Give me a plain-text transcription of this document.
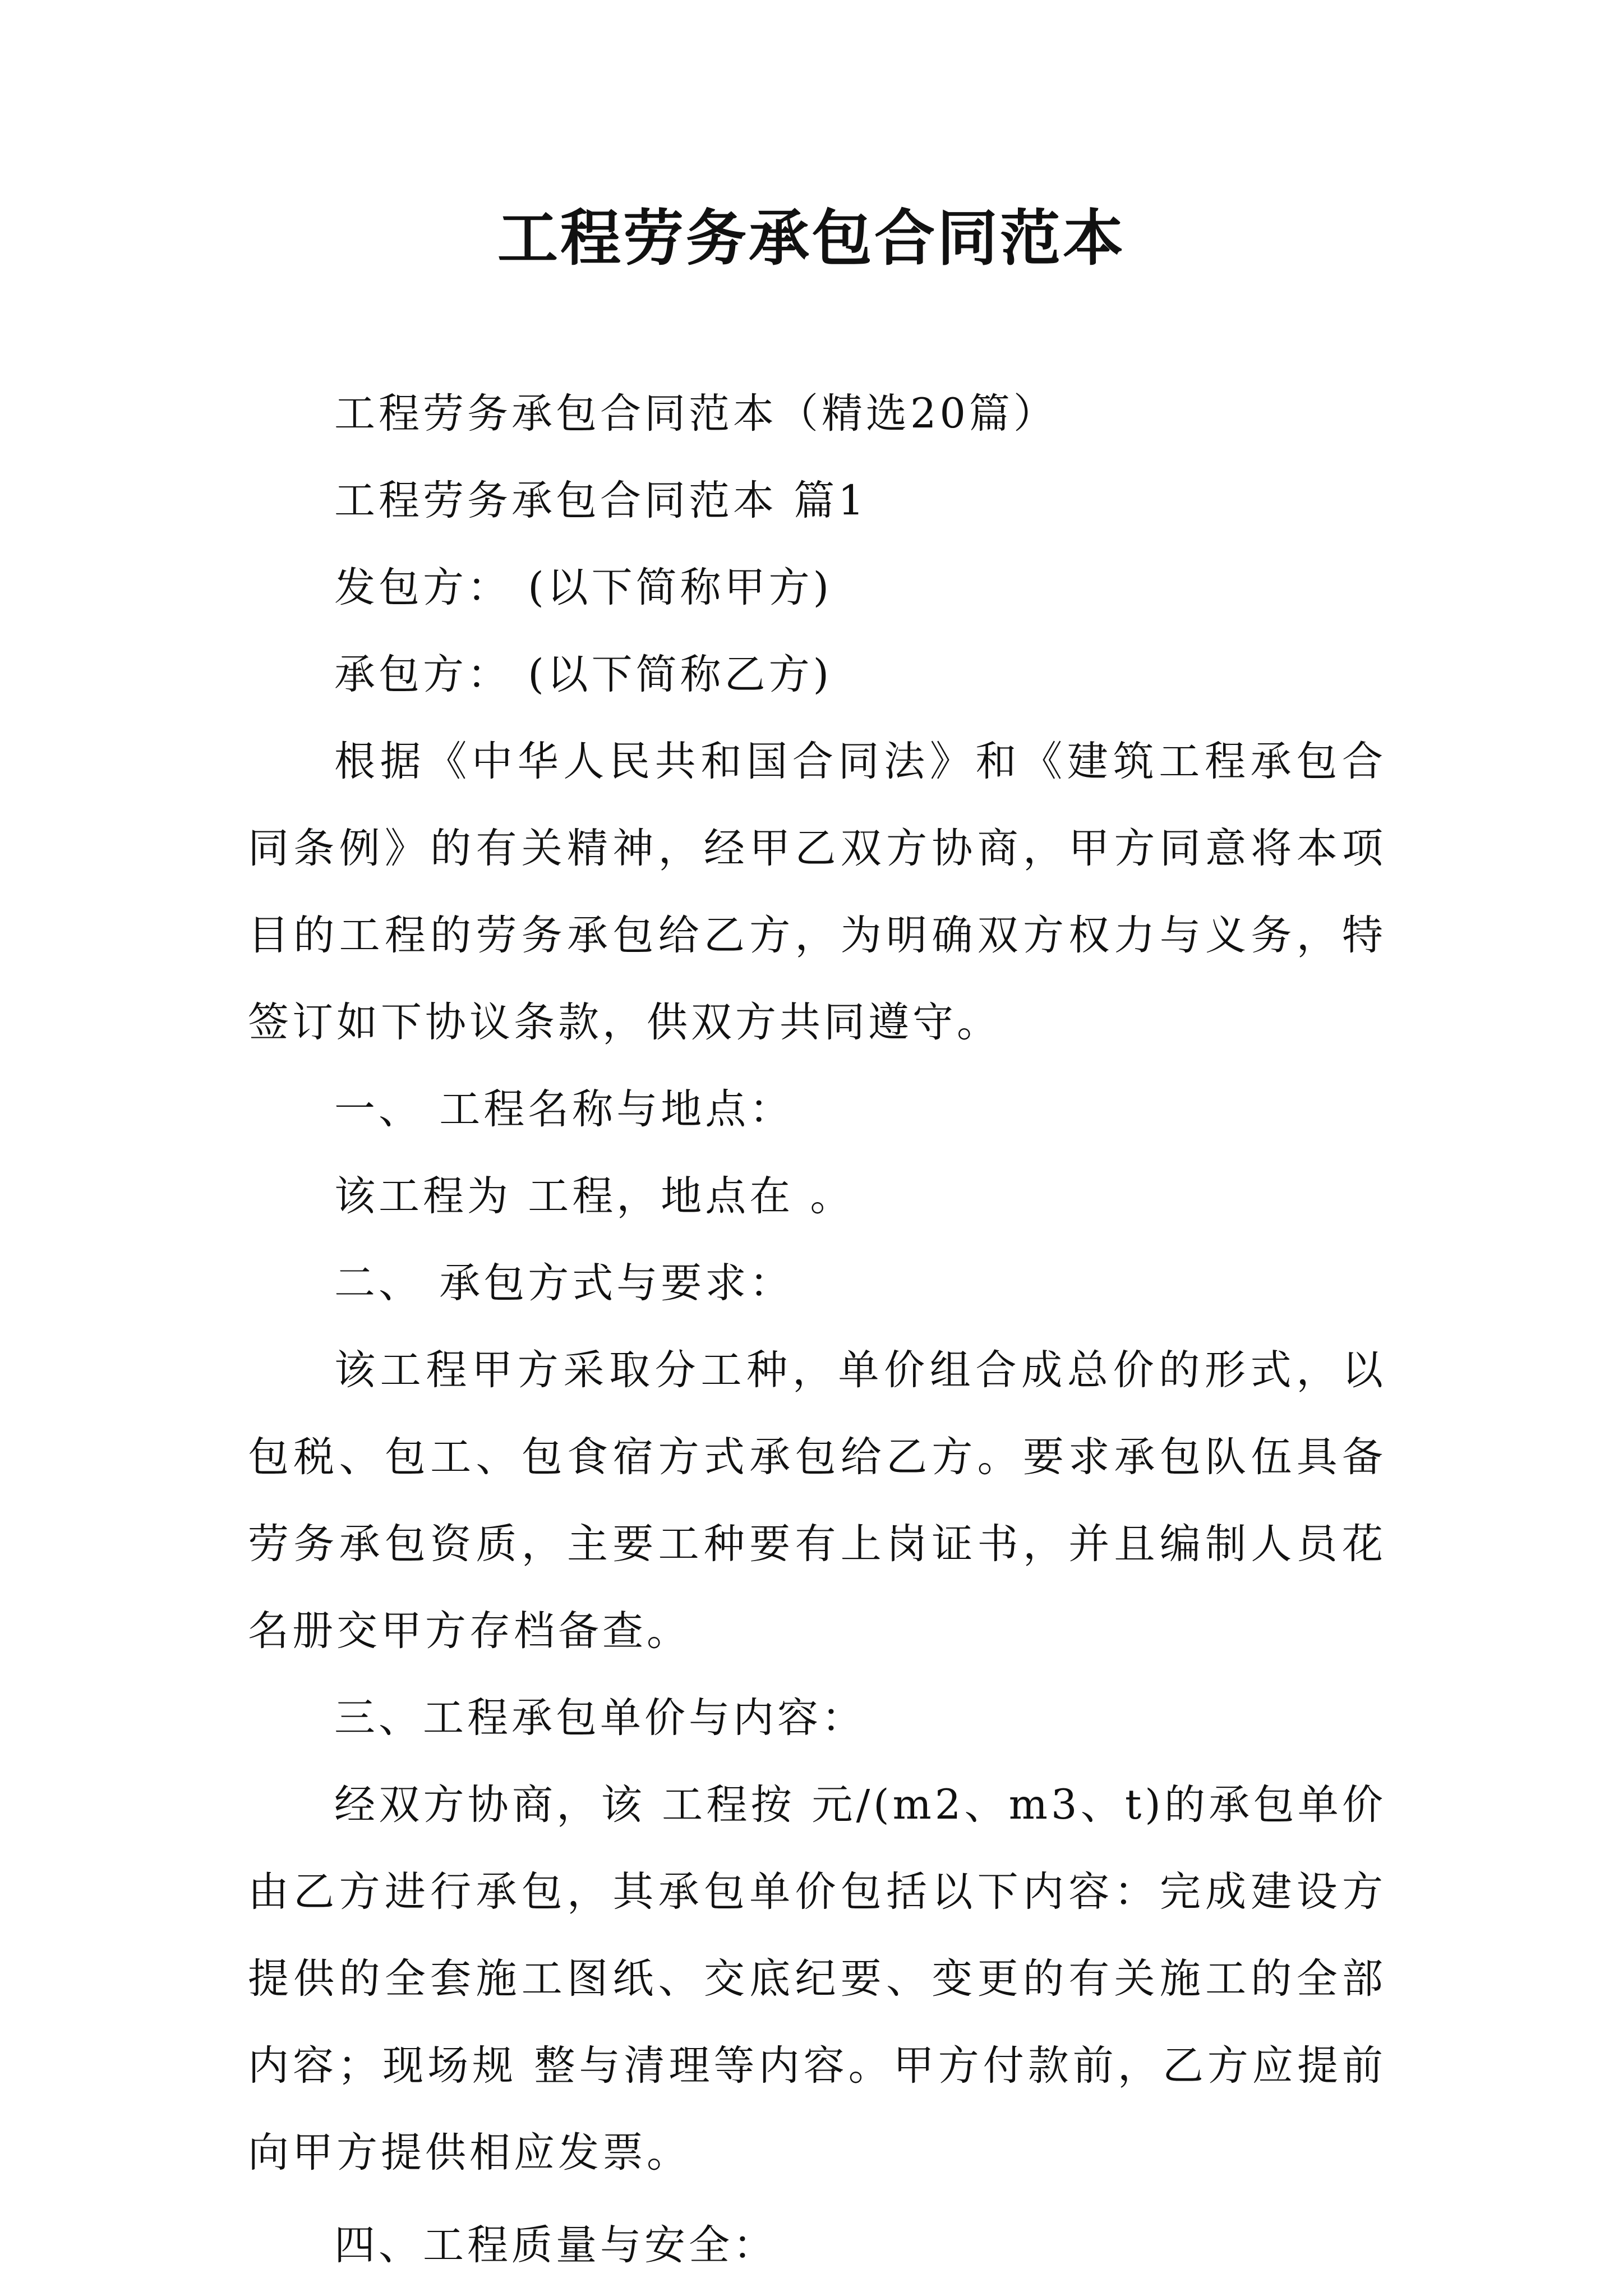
工程劳务承包合同范本

工程劳务承包合同范本（精选20篇）

工程劳务承包合同范本 篇1

发包方： (以下简称甲方)

承包方： (以下简称乙方)

根据《中华人民共和国合同法》和《建筑工程承包合同条例》的有关精神，经甲乙双方协商，甲方同意将本项目的工程的劳务承包给乙方，为明确双方权力与义务，特签订如下协议条款，供双方共同遵守。

一、 工程名称与地点：

该工程为 工程，地点在 。

二、 承包方式与要求：

该工程甲方采取分工种，单价组合成总价的形式，以包税、包工、包食宿方式承包给乙方。要求承包队伍具备劳务承包资质，主要工种要有上岗证书，并且编制人员花名册交甲方存档备查。

三、工程承包单价与内容：

经双方协商，该 工程按 元/(m2、m3、t)的承包单价由乙方进行承包，其承包单价包括以下内容：完成建设方提供的全套施工图纸、交底纪要、变更的有关施工的全部内容；现场规 整与清理等内容。甲方付款前，乙方应提前向甲方提供相应发票。

四、工程质量与安全：
